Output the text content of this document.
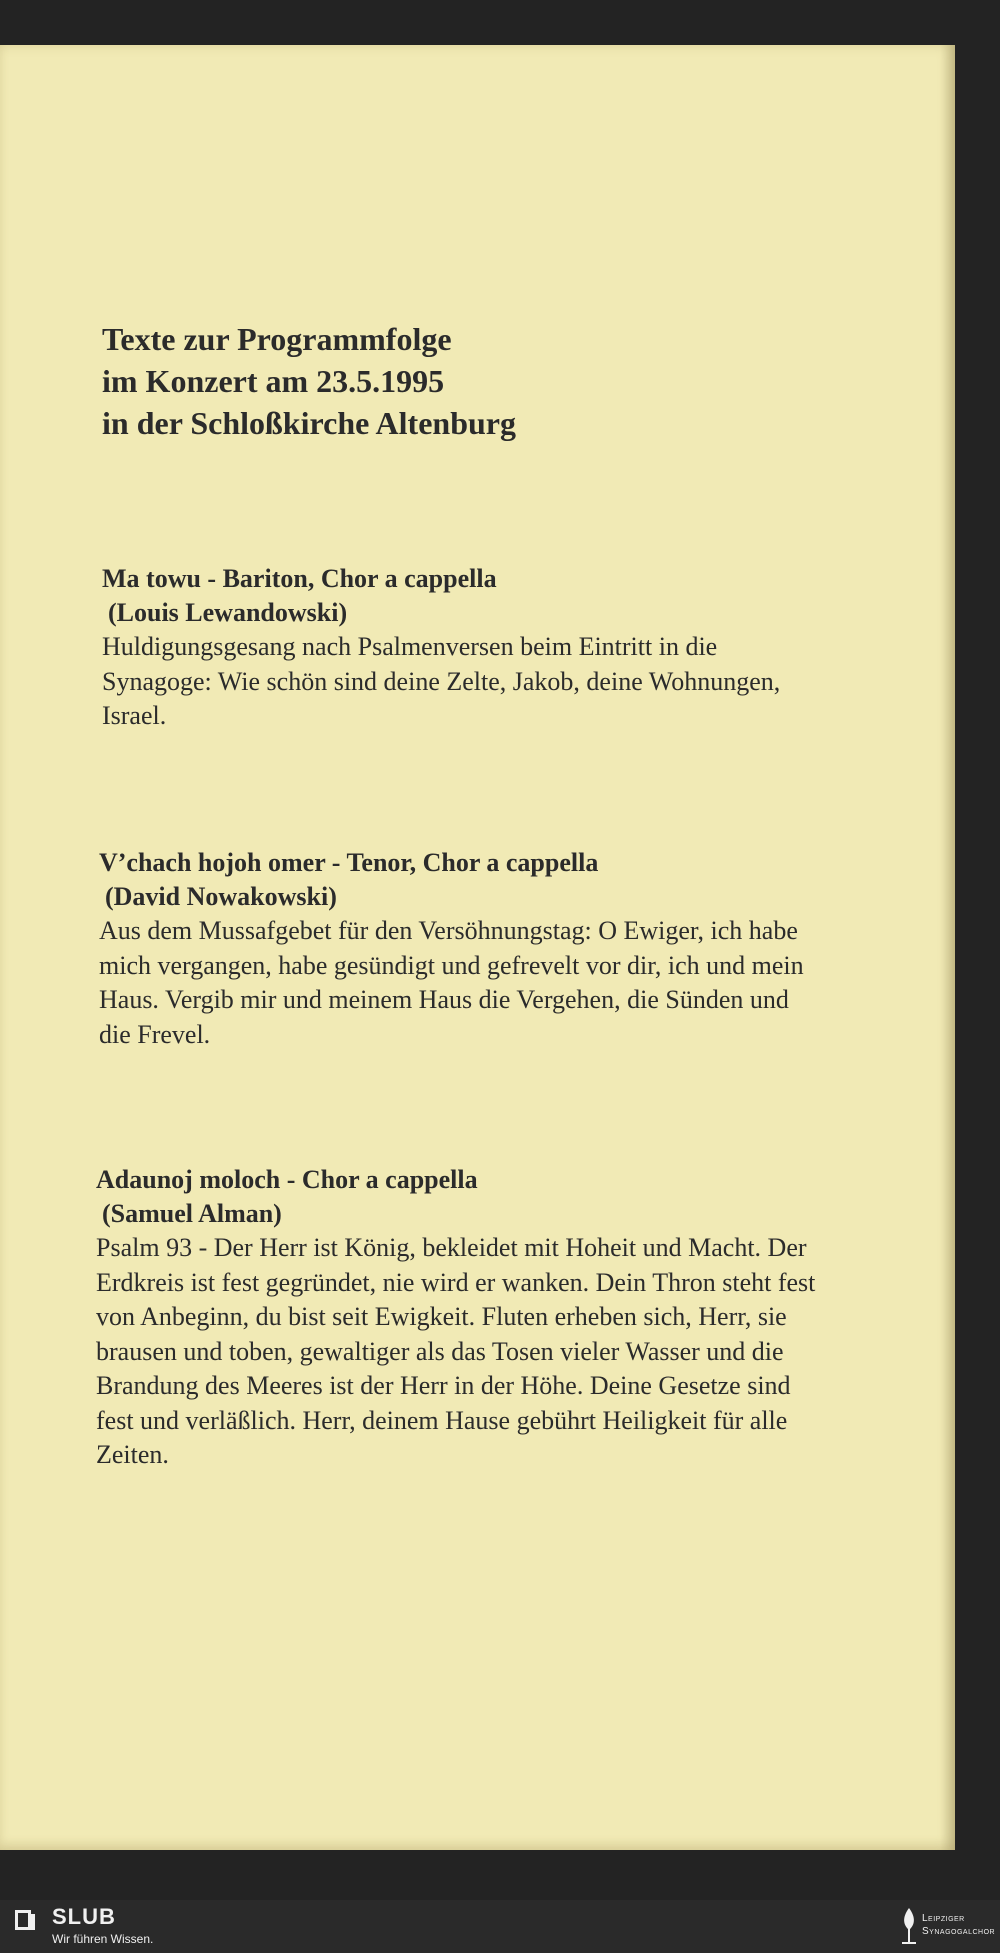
Texte zur Programmfolge
im Konzert am 23.5.1995
in der Schloßkirche Altenburg
Ma towu - Bariton, Chor a cappella
(Louis Lewandowski)
Huldigungsgesang nach Psalmenversen beim Eintritt in die Synagoge: Wie schön sind deine Zelte, Jakob, deine Wohnungen, Israel.
V’chach hojoh omer - Tenor, Chor a cappella
(David Nowakowski)
Aus dem Mussafgebet für den Versöhnungstag: O Ewiger, ich habe mich vergangen, habe gesündigt und gefrevelt vor dir, ich und mein Haus. Vergib mir und meinem Haus die Vergehen, die Sünden und die Frevel.
Adaunoj moloch - Chor a cappella
(Samuel Alman)
Psalm 93 - Der Herr ist König, bekleidet mit Hoheit und Macht. Der Erdkreis ist fest gegründet, nie wird er wanken. Dein Thron steht fest von Anbeginn, du bist seit Ewigkeit. Fluten erheben sich, Herr, sie brausen und toben, gewaltiger als das Tosen vieler Wasser und die Brandung des Meeres ist der Herr in der Höhe. Deine Gesetze sind fest und verläßlich. Herr, deinem Hause gebührt Heiligkeit für alle Zeiten.
SLUB
Wir führen Wissen.
Leipziger
Synagogalchor
